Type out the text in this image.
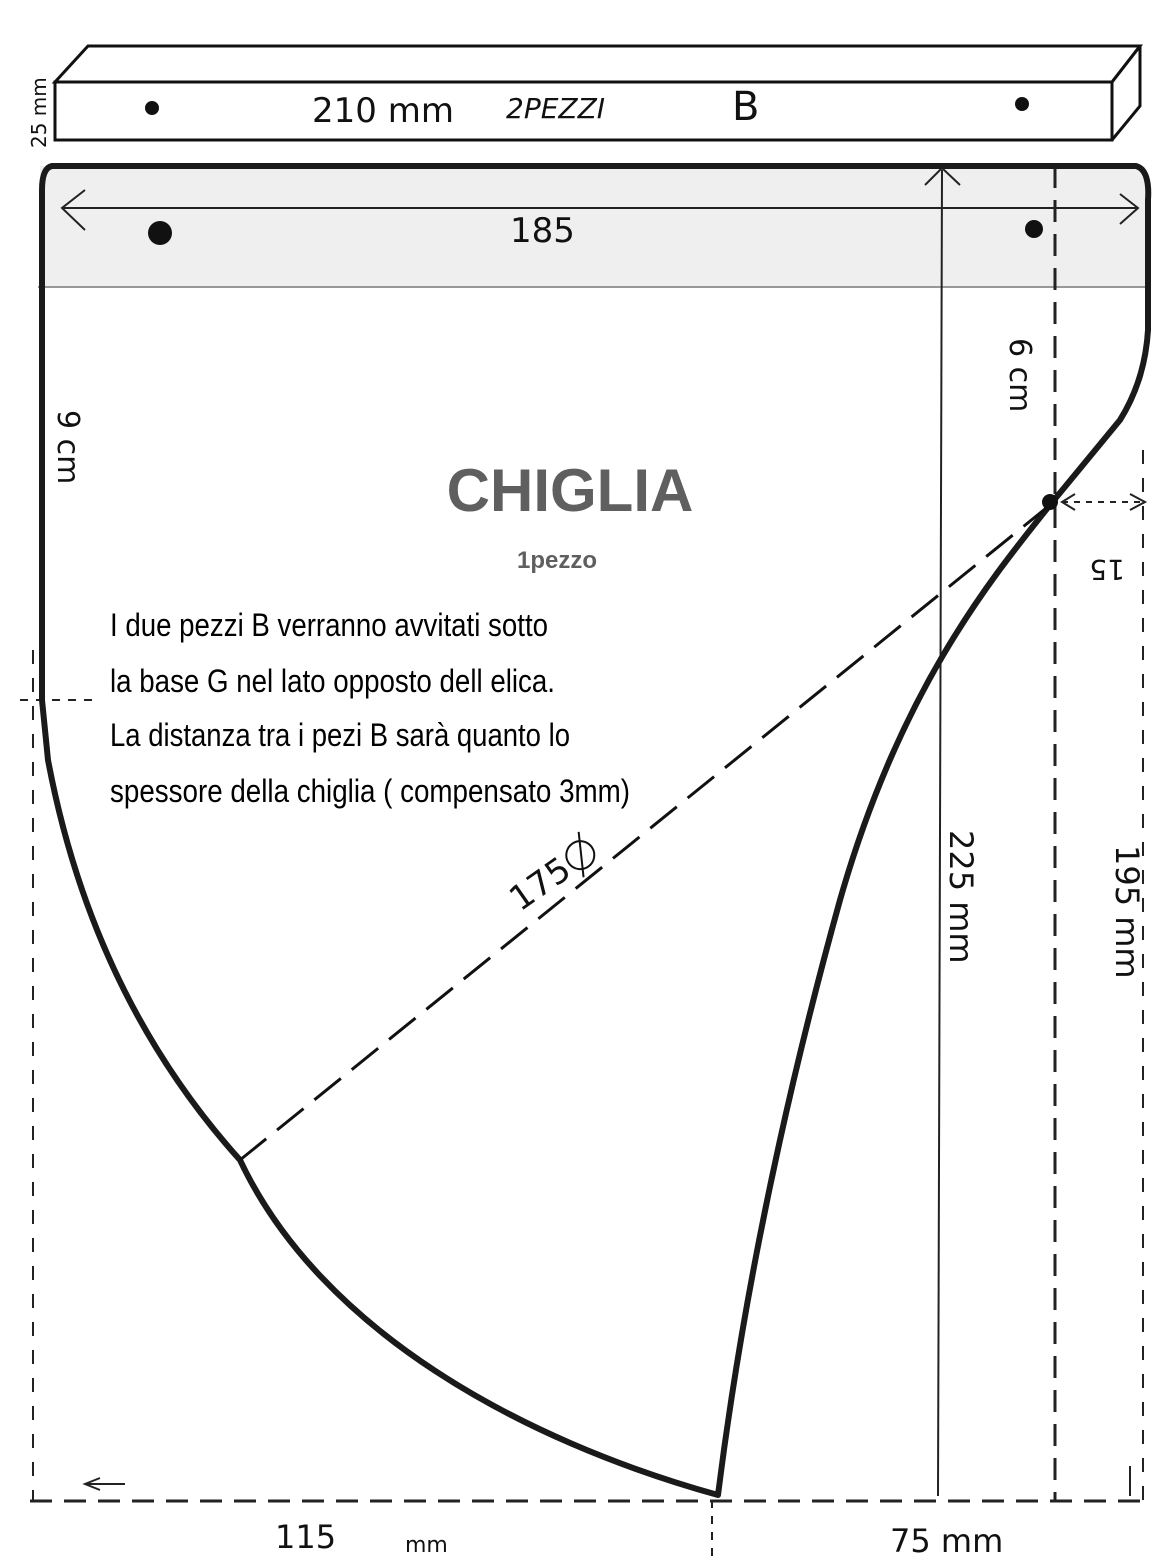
25 mm	210 mm 2PEZZI	B
185
9 cm
6 cm
15
175	225 mm	195 mm
115	mm	75 mm
CHIGLIA
1pezzo
I due pezzi B verranno avvitati sotto
la base G nel lato opposto dell elica.
La distanza tra i pezi B sarà quanto lo
spessore della chiglia ( compensato 3mm)
